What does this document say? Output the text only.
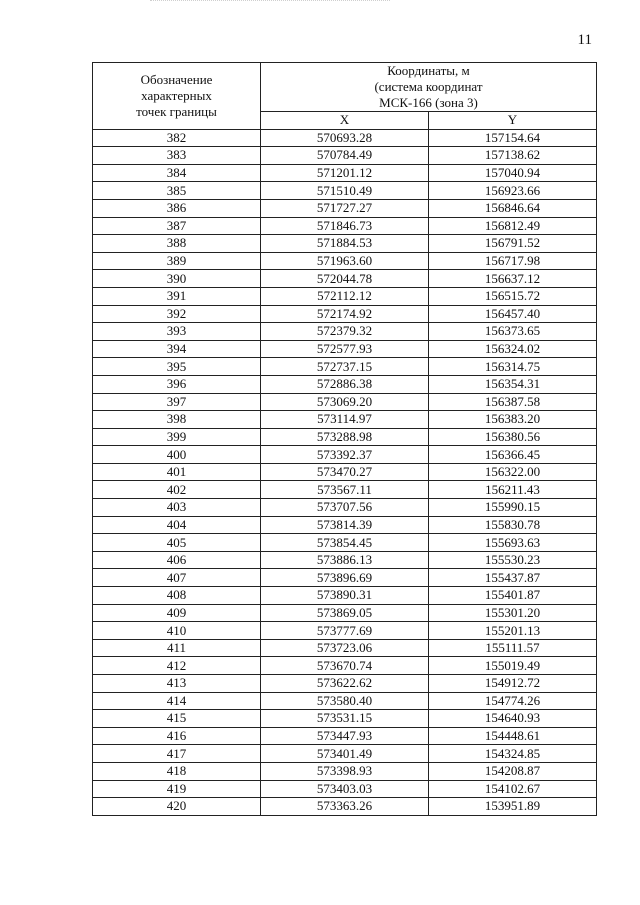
11
Обозначение
характерных
точек границы	Координаты, м
(система координат
МСК-166 (зона 3)	

	X	Y
382	570693.28	157154.64
383	570784.49	157138.62
384	571201.12	157040.94
385	571510.49	156923.66
386	571727.27	156846.64
387	571846.73	156812.49
388	571884.53	156791.52
389	571963.60	156717.98
390	572044.78	156637.12
391	572112.12	156515.72
392	572174.92	156457.40
393	572379.32	156373.65
394	572577.93	156324.02
395	572737.15	156314.75
396	572886.38	156354.31
397	573069.20	156387.58
398	573114.97	156383.20
399	573288.98	156380.56
400	573392.37	156366.45
401	573470.27	156322.00
402	573567.11	156211.43
403	573707.56	155990.15
404	573814.39	155830.78
405	573854.45	155693.63
406	573886.13	155530.23
407	573896.69	155437.87
408	573890.31	155401.87
409	573869.05	155301.20
410	573777.69	155201.13
411	573723.06	155111.57
412	573670.74	155019.49
413	573622.62	154912.72
414	573580.40	154774.26
415	573531.15	154640.93
416	573447.93	154448.61
417	573401.49	154324.85
418	573398.93	154208.87
419	573403.03	154102.67
420	573363.26	153951.89
